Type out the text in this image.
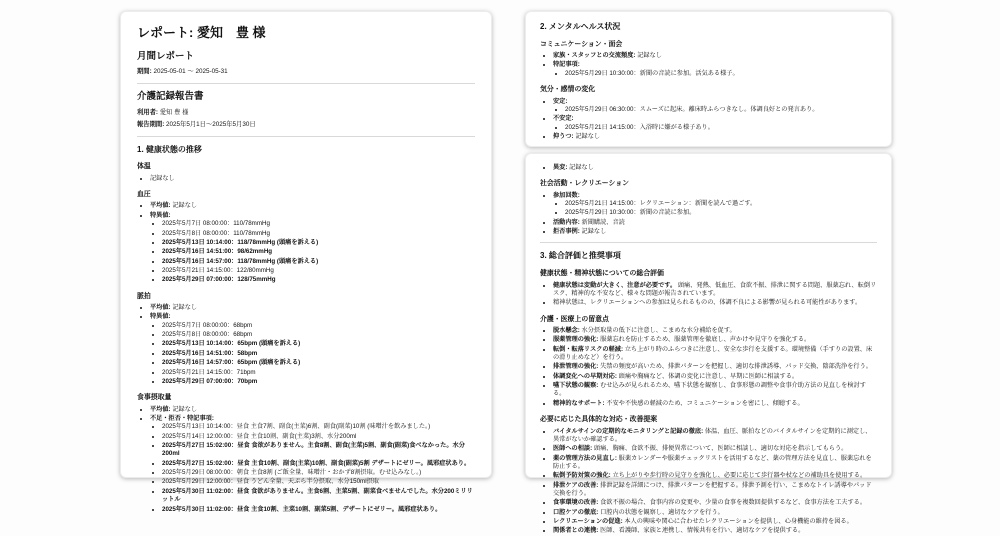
レポート: 愛知　豊 様
月間レポート
期間: 2025-05-01 ～ 2025-05-31
介護記録報告書
利用者: 愛知 豊 様
報告期間: 2025年5月1日～2025年5月30日
1. 健康状態の推移
体温
• 記録なし
血圧
• 平均値: 記録なし
• 特異値:
• 2025年5月7日 08:00:00：110/78mmHg
• 2025年5月8日 08:00:00：110/78mmHg
• 2025年5月13日 10:14:00：118/78mmHg (頭痛を訴える)
• 2025年5月16日 14:51:00：98/62mmHg
• 2025年5月16日 14:57:00：118/78mmHg (頭痛を訴える)
• 2025年5月21日 14:15:00：122/80mmHg
• 2025年5月29日 07:00:00：128/75mmHg
脈拍
• 平均値: 記録なし
• 特異値:
• 2025年5月7日 08:00:00：68bpm
• 2025年5月8日 08:00:00：68bpm
• 2025年5月13日 10:14:00：65bpm (頭痛を訴える)
• 2025年5月16日 14:51:00：58bpm
• 2025年5月16日 14:57:00：65bpm (頭痛を訴える)
• 2025年5月21日 14:15:00：71bpm
• 2025年5月29日 07:00:00：70bpm
食事摂取量
• 平均値: 記録なし
• 不足・拒否・特記事項:
• 2025年5月13日 10:14:00：昼食 主食7割、副食(主菜)6割、副食(副菜)10割 (味噌汁を飲みました。)
• 2025年5月14日 12:00:00：昼食 主食10割、副食(主菜)3割、水分200ml
• 2025年5月27日 15:02:00：昼食 食欲がありません。主食8割、副食(主菜)5割、副食(副菜)食べなかった。水分200ml
• 2025年5月27日 15:02:00：昼食 主食10割、副食(主菜)10割、副食(副菜)5割 デザートにゼリー。風邪症状あり。
• 2025年5月29日 08:00:00：朝食 主食8割 (ご飯全量、味噌汁・おかず8割摂取。むせ込みなし。)
• 2025年5月29日 12:00:00：昼食 うどん全量、天ぷら半分摂取、水分150ml摂取
• 2025年5月30日 11:02:00：昼食 食欲がありません。主食6割、主菜5割、副菜食べませんでした。水分200ミリリットル
• 2025年5月30日 11:02:00：昼食 主食10割、主菜10割、副菜5割、デザートにゼリー。風邪症状あり。
2. メンタルヘルス状況
コミュニケーション・面会
• 家族・スタッフとの交流頻度: 記録なし
• 特記事項:
• 2025年5月29日 10:30:00：新聞の音読に参加。活気ある様子。
気分・感情の変化
• 安定:
• 2025年5月29日 06:30:00：スムーズに起床。離床時ふらつきなし。体調良好との発言あり。
• 不安定:
• 2025年5月21日 14:15:00：入浴時に嫌がる様子あり。
• 抑うつ: 記録なし
• 異変: 記録なし
社会活動・レクリエーション
• 参加回数:
• 2025年5月21日 14:15:00：レクリエーション：新聞を読んで過ごす。
• 2025年5月29日 10:30:00：新聞の音読に参加。
• 活動内容: 新聞購読、音読
• 拒否事例: 記録なし
3. 総合評価と推奨事項
健康状態・精神状態についての総合評価
• 健康状態は変動が大きく、注意が必要です。 頭痛、発熱、低血圧、食欲不振、排泄に関する問題、服薬忘れ、転倒リスク、精神的な不安など、様々な問題が報告されています。
• 精神状態は、レクリエーションへの参加は見られるものの、体調不良による影響が見られる可能性があります。
介護・医療上の留意点
• 脱水懸念: 水分摂取量の低下に注意し、こまめな水分補給を促す。
• 服薬管理の強化: 服薬忘れを防止するため、服薬管理を徹底し、声かけや見守りを強化する。
• 転倒・転落リスクの軽減: 立ち上がり時のふらつきに注意し、安全な歩行を支援する。環境整備（手すりの設置、床の滑り止めなど）を行う。
• 排泄管理の強化: 失禁の頻度が高いため、排泄パターンを把握し、適切な排泄誘導、パッド交換、陰部洗浄を行う。
• 体調変化への早期対応: 頭痛や胸痛など、体調の変化に注意し、早期に医師に相談する。
• 嚥下状態の観察: むせ込みが見られるため、嚥下状態を観察し、食事形態の調整や食事介助方法の見直しを検討する。
• 精神的なサポート: 不安や不快感の軽減のため、コミュニケーションを密にし、傾聴する。
必要に応じた具体的な対応・改善提案
• バイタルサインの定期的なモニタリングと記録の徹底: 体温、血圧、脈拍などのバイタルサインを定期的に測定し、異常がないか確認する。
• 医師への相談: 頭痛、胸痛、食欲不振、排便異常について、医師に相談し、適切な対応を指示してもらう。
• 薬の管理方法の見直し: 服薬カレンダーや服薬チェックリストを活用するなど、薬の管理方法を見直し、服薬忘れを防止する。
• 転倒予防対策の強化: 立ち上がりや歩行時の見守りを強化し、必要に応じて歩行器や杖などの補助具を使用する。
• 排泄ケアの改善: 排泄記録を詳細につけ、排泄パターンを把握する。排泄予測を行い、こまめなトイレ誘導やパッド交換を行う。
• 食事環境の改善: 食欲不振の場合、食事内容の変更や、少量の食事を複数回提供するなど、食事方法を工夫する。
• 口腔ケアの徹底: 口腔内の状態を観察し、適切なケアを行う。
• レクリエーションの促進: 本人の興味や関心に合わせたレクリエーションを提供し、心身機能の維持を図る。
• 関係者との連携: 医師、看護師、家族と連携し、情報共有を行い、適切なケアを提供する。
